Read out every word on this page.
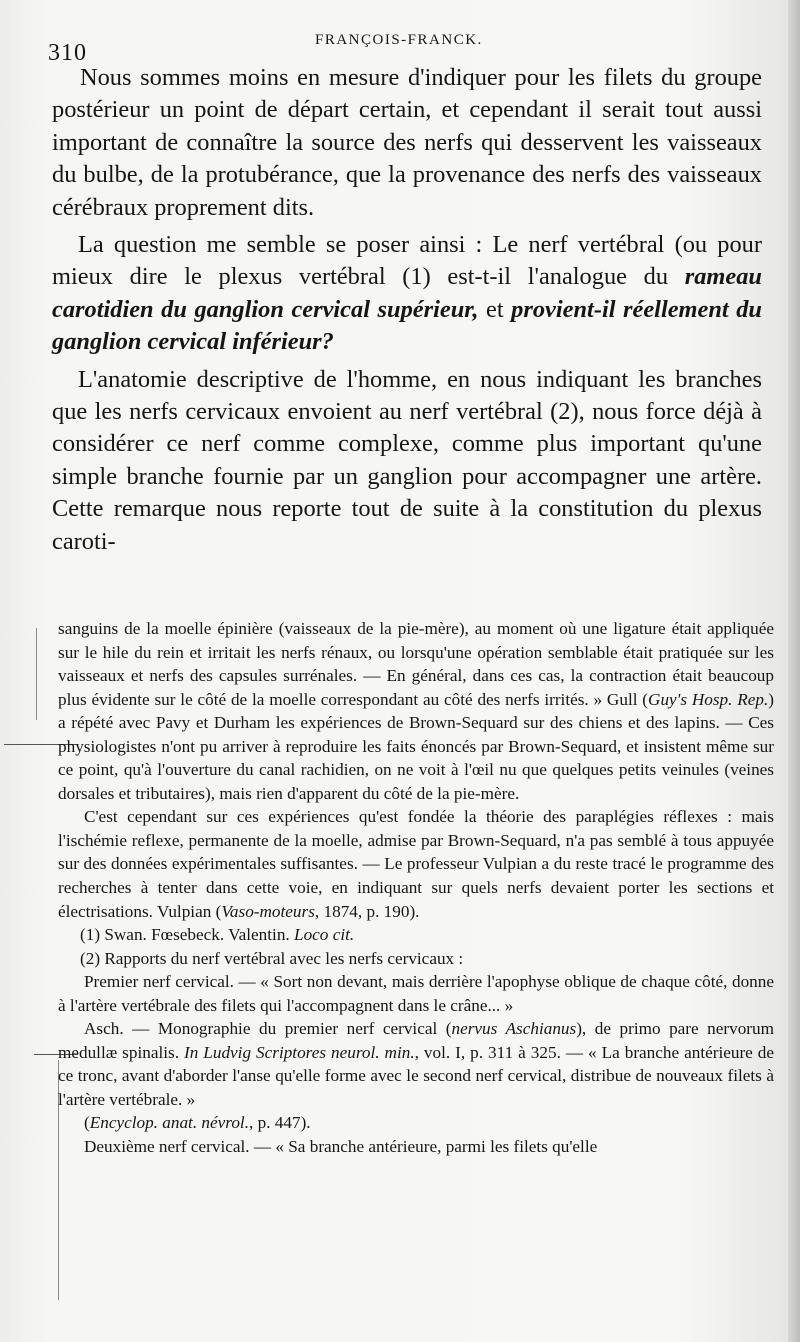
310	FRANÇOIS-FRANCK.

Nous sommes moins en mesure d'indiquer pour les filets du groupe postérieur un point de départ certain, et cependant il serait tout aussi important de connaître la source des nerfs qui desservent les vaisseaux du bulbe, de la protubérance, que la provenance des nerfs des vaisseaux cérébraux proprement dits.

La question me semble se poser ainsi : Le nerf vertébral (ou pour mieux dire le plexus vertébral (1) est-t-il l'analogue du rameau carotidien du ganglion cervical supérieur, et provient-il réellement du ganglion cervical inférieur?

L'anatomie descriptive de l'homme, en nous indiquant les branches que les nerfs cervicaux envoient au nerf vertébral (2), nous force déjà à considérer ce nerf comme complexe, comme plus important qu'une simple branche fournie par un ganglion pour accompagner une artère. Cette remarque nous reporte tout de suite à la constitution du plexus caroti-

sanguins de la moelle épinière (vaisseaux de la pie-mère), au moment où une ligature était appliquée sur le hile du rein et irritait les nerfs rénaux, ou lorsqu'une opération semblable était pratiquée sur les vaisseaux et nerfs des capsules surrénales. — En général, dans ces cas, la contraction était beaucoup plus évidente sur le côté de la moelle correspondant au côté des nerfs irrités. » Gull (Guy's Hosp. Rep.) a répété avec Pavy et Durham les expériences de Brown-Sequard sur des chiens et des lapins. — Ces physiologistes n'ont pu arriver à reproduire les faits énoncés par Brown-Sequard, et insistent même sur ce point, qu'à l'ouverture du canal rachidien, on ne voit à l'œil nu que quelques petits veinules (veines dorsales et tributaires), mais rien d'apparent du côté de la pie-mère.

C'est cependant sur ces expériences qu'est fondée la théorie des paraplégies réflexes : mais l'ischémie reflexe, permanente de la moelle, admise par Brown-Sequard, n'a pas semblé à tous appuyée sur des données expérimentales suffisantes. — Le professeur Vulpian a du reste tracé le programme des recherches à tenter dans cette voie, en indiquant sur quels nerfs devaient porter les sections et électrisations. Vulpian (Vaso-moteurs, 1874, p. 190).

(1) Swan. Fœsebeck. Valentin. Loco cit.

(2) Rapports du nerf vertébral avec les nerfs cervicaux :

Premier nerf cervical. — « Sort non devant, mais derrière l'apophyse oblique de chaque côté, donne à l'artère vertébrale des filets qui l'accompagnent dans le crâne... »

Asch. — Monographie du premier nerf cervical (nervus Aschianus), de primo pare nervorum medullæ spinalis. In Ludvig Scriptores neurol. min., vol. I, p. 311 à 325. — « La branche antérieure de ce tronc, avant d'aborder l'anse qu'elle forme avec le second nerf cervical, distribue de nouveaux filets à l'artère vertébrale. »

(Encyclop. anat. névrol., p. 447).

Deuxième nerf cervical. — « Sa branche antérieure, parmi les filets qu'elle
